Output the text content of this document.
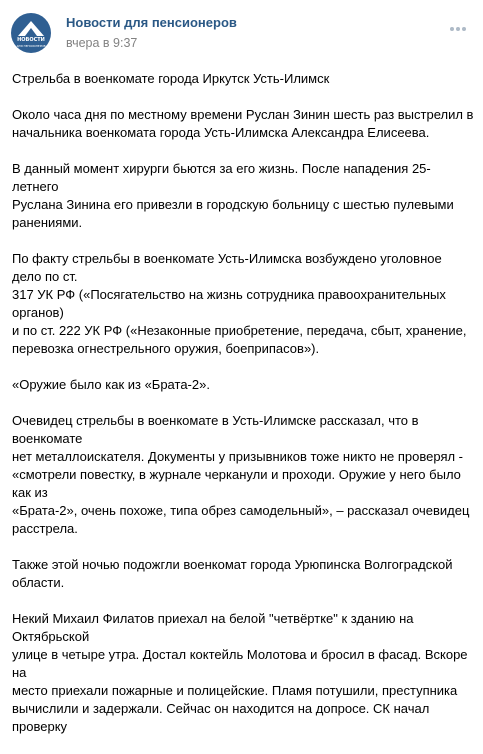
НОВОСТИ
ДЛЯ ПЕНСИОНЕРОВ
Новости для пенсионеров
вчера в 9:37

Стрельба в военкомате города Иркутск Усть-Илимск

Около часа дня по местному времени Руслан Зинин шесть раз выстрелил в
начальника военкомата города Усть-Илимска Александра Елисеева.

В данный момент хирурги бьются за его жизнь. После нападения 25-летнего
Руслана Зинина его привезли в городскую больницу с шестью пулевыми
ранениями.

По факту стрельбы в военкомате Усть-Илимска возбуждено уголовное дело по ст.
317 УК РФ («Посягательство на жизнь сотрудника правоохранительных органов)
и по ст. 222 УК РФ («Незаконные приобретение, передача, сбыт, хранение,
перевозка огнестрельного оружия, боеприпасов»).

«Оружие было как из «Брата-2».

Очевидец стрельбы в военкомате в Усть-Илимске рассказал, что в военкомате
нет металлоискателя. Документы у призывников тоже никто не проверял -
«смотрели повестку, в журнале черканули и проходи. Оружие у него было как из
«Брата-2», очень похоже, типа обрез самодельный», – рассказал очевидец
расстрела.

Также этой ночью подожгли военкомат города Урюпинска Волгоградской
области.

Некий Михаил Филатов приехал на белой "четвёртке" к зданию на Октябрьской
улице в четыре утра. Достал коктейль Молотова и бросил в фасад. Вскоре на
место приехали пожарные и полицейские. Пламя потушили, преступника
вычислили и задержали. Сейчас он находится на допросе. СК начал проверку
